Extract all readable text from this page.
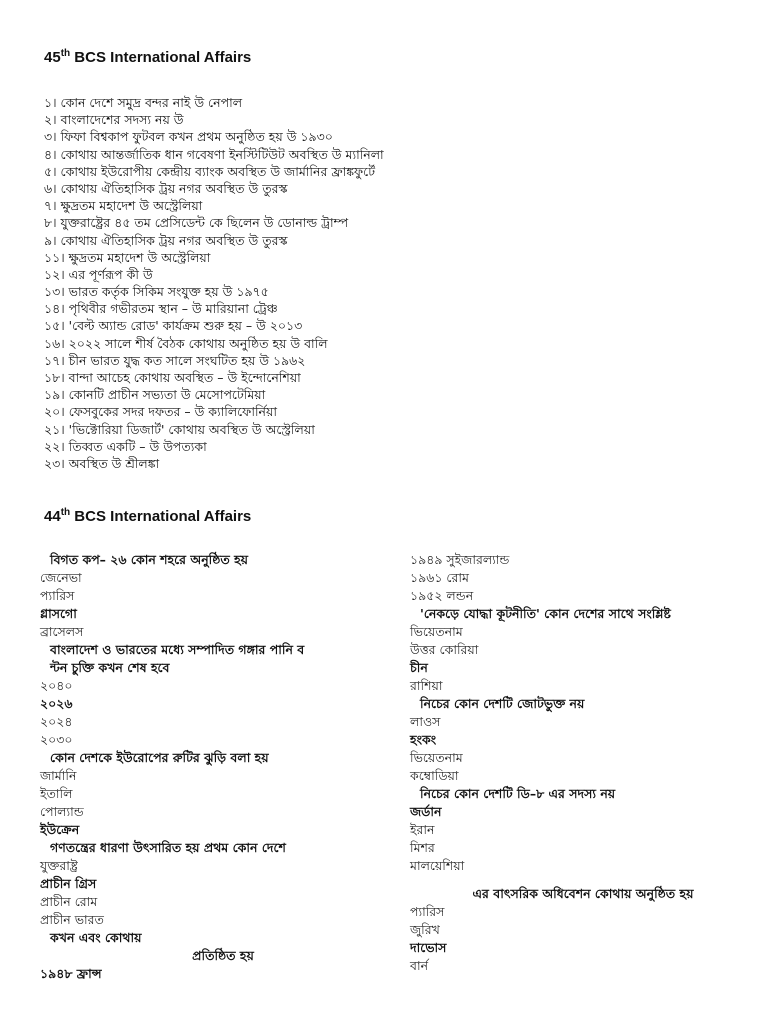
45th BCS International Affairs
১। কোন দেশে সমুদ্র বন্দর নাই উ নেপাল
২। বাংলাদেশের সদস্য নয় উ
৩। ফিফা বিশ্বকাপ ফুটবল কখন প্রথম অনুষ্ঠিত হয় উ ১৯৩০
৪। কোথায় আন্তর্জাতিক ধান গবেষণা ইনস্টিটিউট অবস্থিত উ ম্যানিলা
৫। কোথায় ইউরোপীয় কেন্দ্রীয় ব্যাংক অবস্থিত উ জার্মানির ফ্রাঙ্কফুর্টে
৬। কোথায় ঐতিহাসিক ট্রয় নগর অবস্থিত উ তুরস্ক
৭। ক্ষুদ্রতম মহাদেশ উ অস্ট্রেলিয়া
৮। যুক্তরাষ্ট্রের ৪৫ তম প্রেসিডেন্ট কে ছিলেন উ ডোনাল্ড ট্রাম্প
৯। কোথায় ঐতিহাসিক ট্রয় নগর অবস্থিত উ তুরস্ক
১১। ক্ষুদ্রতম মহাদেশ উ অস্ট্রেলিয়া
১২। এর পূর্ণরূপ কী উ
১৩। ভারত কর্তৃক সিকিম সংযুক্ত হয় উ ১৯৭৫
১৪। পৃথিবীর গভীরতম স্থান – উ মারিয়ানা ট্রেঞ্চ
১৫। 'বেল্ট অ্যান্ড রোড' কার্যক্রম শুরু হয় – উ ২০১৩
১৬। ২০২২ সালে শীর্ষ বৈঠক কোথায় অনুষ্ঠিত হয় উ বালি
১৭। চীন ভারত যুদ্ধ কত সালে সংঘটিত হয় উ ১৯৬২
১৮। বান্দা আচেহ কোথায় অবস্থিত – উ ইন্দোনেশিয়া
১৯। কোনটি প্রাচীন সভ্যতা উ মেসোপটেমিয়া
২০। ফেসবুকের সদর দফতর – উ ক্যালিফোর্নিয়া
২১। 'ভিক্টোরিয়া ডিজার্ট' কোথায় অবস্থিত উ অস্ট্রেলিয়া
২২। তিব্বত একটি – উ উপত্যকা
২৩। অবস্থিত উ শ্রীলঙ্কা
44th BCS International Affairs
বিগত কপ– ২৬ কোন শহরে অনুষ্ঠিত হয়
জেনেভা
প্যারিস
গ্লাসগো
ব্রাসেলস
বাংলাদেশ ও ভারতের মধ্যে সম্পাদিত গঙ্গার পানি ব
ন্টন চুক্তি কখন শেষ হবে
২০৪০
২০২৬
২০২৪
২০৩০
কোন দেশকে ইউরোপের রুটির ঝুড়ি বলা হয়
জার্মানি
ইতালি
পোল্যান্ড
ইউক্রেন
গণতন্ত্রের ধারণা উৎসারিত হয় প্রথম কোন দেশে
যুক্তরাষ্ট্র
প্রাচীন গ্রিস
প্রাচীন রোম
প্রাচীন ভারত
কখন এবং কোথায়
প্রতিষ্ঠিত হয়
১৯৪৮ ফ্রান্স
১৯৪৯ সুইজারল্যান্ড
১৯৬১ রোম
১৯৫২ লন্ডন
'নেকড়ে যোদ্ধা কূটনীতি' কোন দেশের সাথে সংশ্লিষ্ট
ভিয়েতনাম
উত্তর কোরিয়া
চীন
রাশিয়া
নিচের কোন দেশটি জোটভুক্ত নয়
লাওস
হংকং
ভিয়েতনাম
কম্বোডিয়া
নিচের কোন দেশটি ডি–৮ এর সদস্য নয়
জর্ডান
ইরান
মিশর
মালয়েশিয়া
এর বাৎসরিক অধিবেশন কোথায় অনুষ্ঠিত হয়
প্যারিস
জুরিখ
দাভোস
বার্ন
